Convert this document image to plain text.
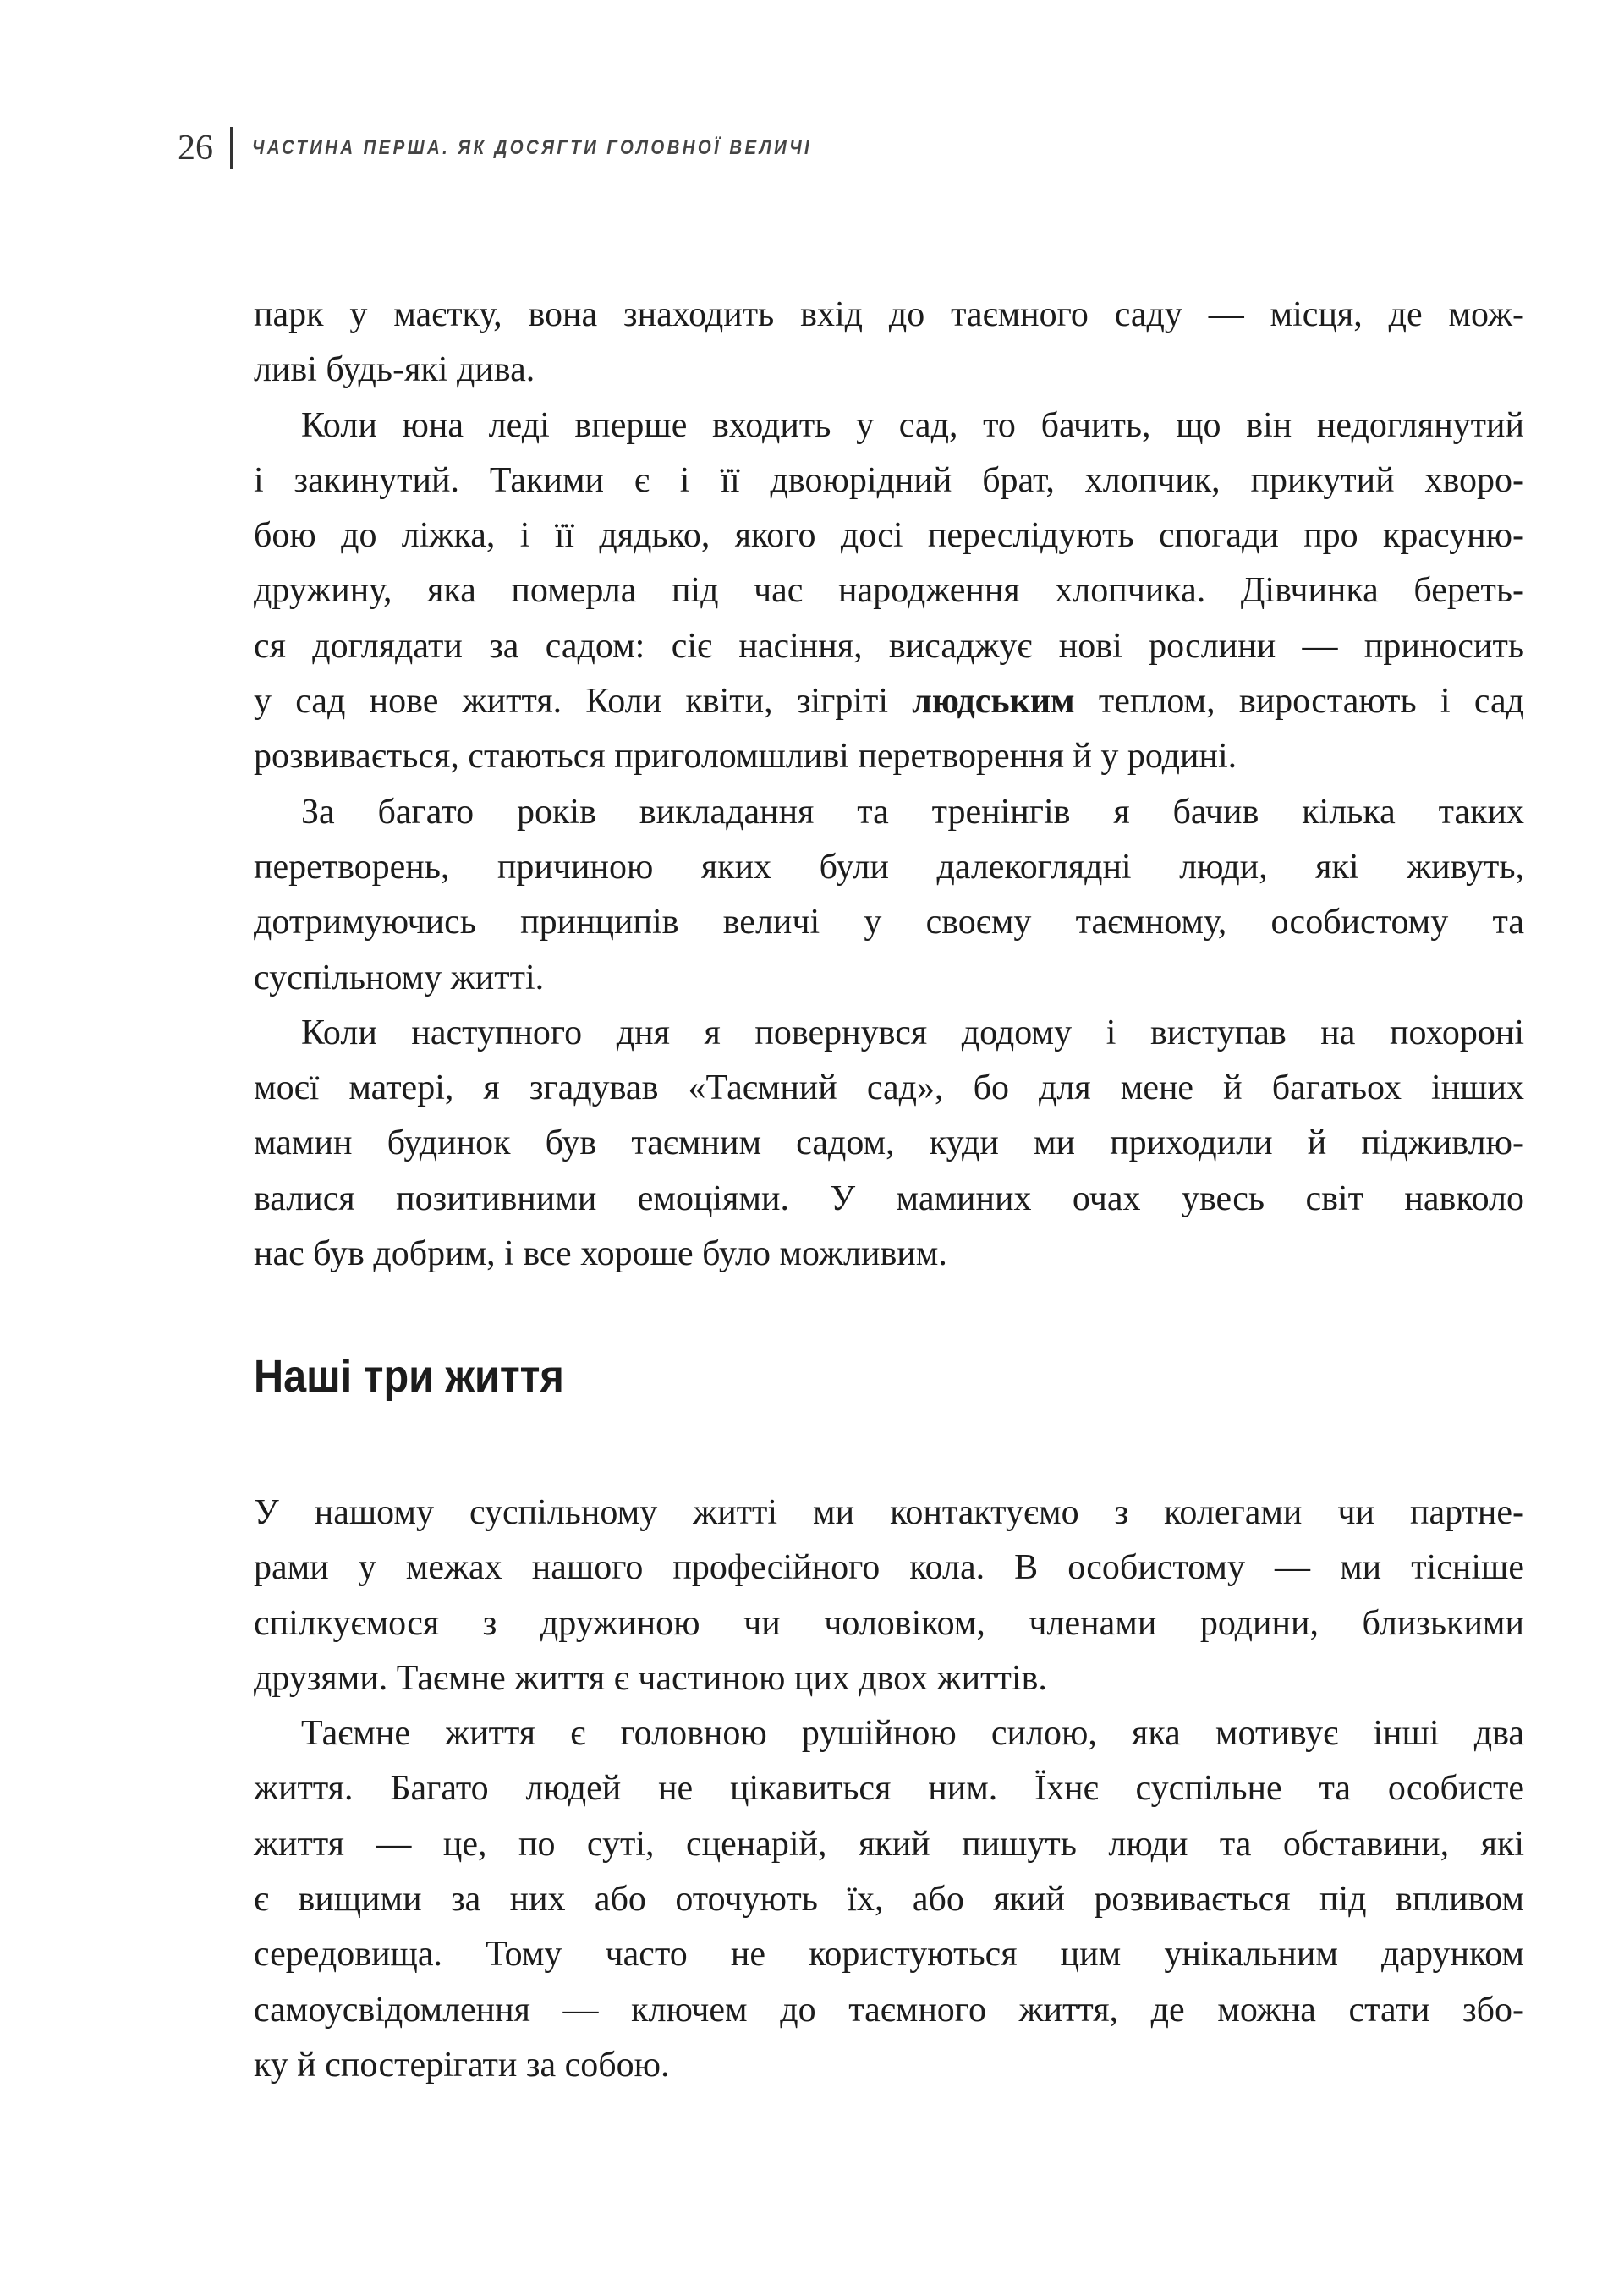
26 ЧАСТИНА ПЕРША. ЯК ДОСЯГТИ ГОЛОВНОЇ ВЕЛИЧІ
парк у маєтку, вона знаходить вхід до таємного саду — місця, де мож-
ливі будь-які дива.
Коли юна леді вперше входить у сад, то бачить, що він недоглянутий
і закинутий. Такими є і її двоюрідний брат, хлопчик, прикутий хворо-
бою до ліжка, і її дядько, якого досі переслідують спогади про красуню-
дружину, яка померла під час народження хлопчика. Дівчинка береть-
ся доглядати за садом: сіє насіння, висаджує нові рослини — приносить
у сад нове життя. Коли квіти, зігріті людським теплом, виростають і сад
розвивається, стаються приголомшливі перетворення й у родині.
За багато років викладання та тренінгів я бачив кілька таких
перетворень, причиною яких були далекоглядні люди, які живуть,
дотримуючись принципів величі у своєму таємному, особистому та
суспільному житті.
Коли наступного дня я повернувся додому і виступав на похороні
моєї матері, я згадував «Таємний сад», бо для мене й багатьох інших
мамин будинок був таємним садом, куди ми приходили й підживлю-
валися позитивними емоціями. У маминих очах увесь світ навколо
нас був добрим, і все хороше було можливим.
Наші три життя
У нашому суспільному житті ми контактуємо з колегами чи партне-
рами у межах нашого професійного кола. В особистому — ми тісніше
спілкуємося з дружиною чи чоловіком, членами родини, близькими
друзями. Таємне життя є частиною цих двох життів.
Таємне життя є головною рушійною силою, яка мотивує інші два
життя. Багато людей не цікавиться ним. Їхнє суспільне та особисте
життя — це, по суті, сценарій, який пишуть люди та обставини, які
є вищими за них або оточують їх, або який розвивається під впливом
середовища. Тому часто не користуються цим унікальним дарунком
самоусвідомлення — ключем до таємного життя, де можна стати збо-
ку й спостерігати за собою.
